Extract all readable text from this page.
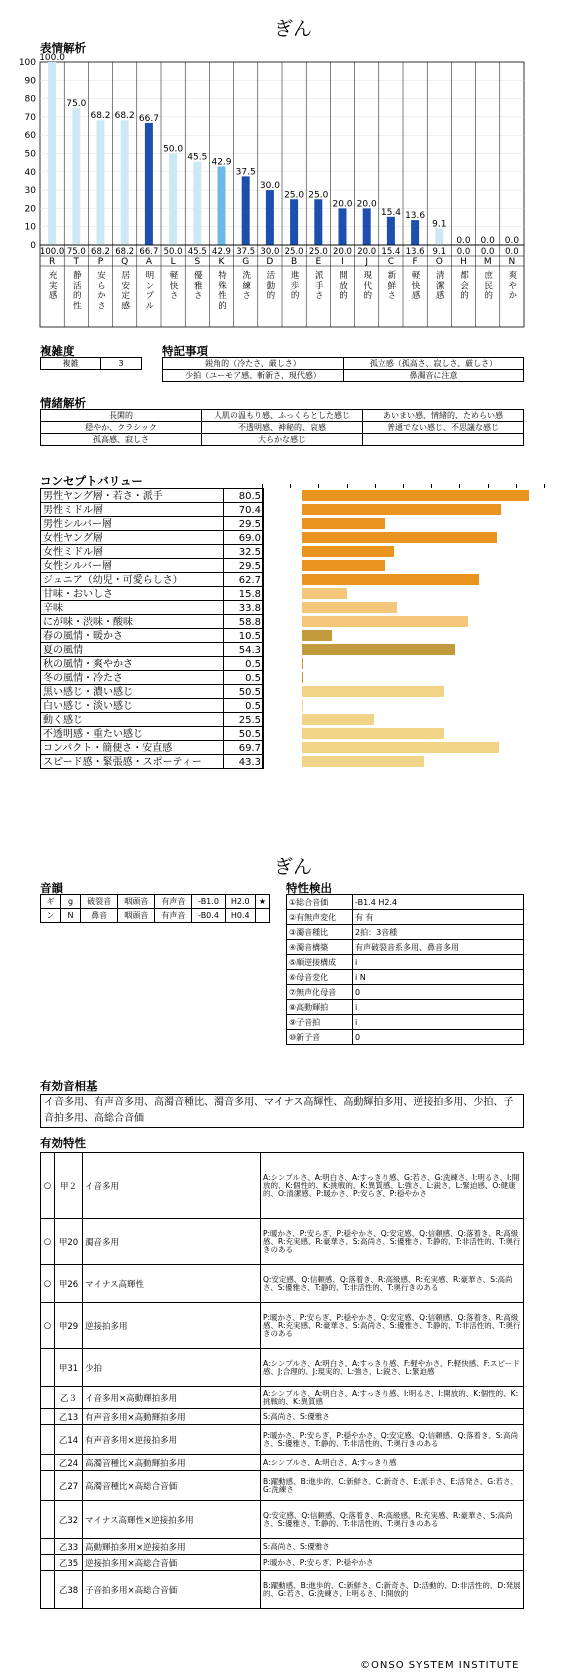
ぎん
表情解析
0
10
20
30
40
50
60
70
80
90
100 100.0
100.0
R
充実感
75.0
75.0
T
静活的性
68.2
68.2
P
安らかさ
68.2
68.2
Q
居安定感
66.7
66.7
A
明ンプル
50.0
50.0
L
軽快さ
45.5
45.5
S
優雅さ
42.9
42.9
K
特殊性的
37.5
37.5
G
洗練さ
30.0
30.0
D
活動的
25.0
25.0
B
進歩的
25.0
25.0
E
派手さ
20.0
20.0
I
開放的
20.0
20.0
J
現代的
15.4
15.4
C
新鮮さ
13.6
13.6
F
軽快感
9.1
9.1
O
清潔感
0.0
0.0
H
都会的
0.0
0.0
M
庶民的
0.0
0.0
N
爽やか
複雑度
複雑	3
特記事項
鋭角的（冷たさ、厳しさ）	孤立感（孤高さ、寂しさ、厳しさ）
少拍（ユーモア感、斬新さ、現代感）	鼻濁音に注意
情緒解析
長閑的	人肌の温もり感、ふっくらとした感じ	あいまい感、情緒的、ためらい感
穏やか、クラシック	不透明感、神秘的、哀感	普通でない感じ、不思議な感じ
孤高感、寂しさ	大らかな感じ	
コンセプトバリュー
男性ヤング層・若さ・派手	80.5
男性ミドル層	70.4
男性シルバー層	29.5
女性ヤング層	69.0
女性ミドル層	32.5
女性シルバー層	29.5
ジュニア（幼児・可愛らしさ）	62.7
甘味・おいしさ	15.8
辛味	33.8
にが味・渋味・酸味	58.8
春の風情・暖かさ	10.5
夏の風情	54.3
秋の風情・爽やかさ	0.5
冬の風情・冷たさ	0.5
黒い感じ・濃い感じ	50.5
白い感じ・淡い感じ	0.5
動く感じ	25.5
不透明感・重たい感じ	50.5
コンパクト・簡便さ・安直感	69.7
スピード感・緊張感・スポーティー	43.3
ぎん
音韻
ギ	g	破裂音	咽頭音	有声音	-B1.0	H2.0	★
ン	N	鼻音	咽頭音	有声音	-B0.4	H0.4	
特性検出
①総合音価	-B1.4 H2.4
②有無声変化	有 有
③濁音種比	2拍：3音種
④濁音構築	有声破裂音系多用、鼻音多用
⑤順逆接構成	i
⑥母音変化	i N
⑦無声化母音	0
⑧高動輝拍	i
⑨子音拍	i
⑩新子音	0
有効音相基
イ音多用、有声音多用、高濁音種比、濁音多用、マイナス高輝性、高動輝拍多用、逆接拍多用、少拍、子音拍多用、高総合音価
有効特性
○	甲２	イ音多用	A:シンプルさ、A:明白さ、A:すっきり感、G:若さ、G:洗練さ、I:明るさ、I:開放的、K:個性的、K:挑戦的、K:異質感、L:強さ、L:鋭さ、L:緊迫感、O:健康的、O:清潔感、P:暖かさ、P:安らぎ、P:穏やかさ
○	甲20	濁音多用	P:暖かさ、P:安らぎ、P:穏やかさ、Q:安定感、Q:信頼感、Q:落着き、R:高級感、R:充実感、R:豪華さ、S:高尚さ、S:優雅さ、T:静的、T:非活性的、T:奥行きのある
○	甲26	マイナス高輝性	Q:安定感、Q:信頼感、Q:落着き、R:高級感、R:充実感、R:豪華さ、S:高尚さ、S:優雅さ、T:静的、T:非活性的、T:奥行きのある
○	甲29	逆接拍多用	P:暖かさ、P:安らぎ、P:穏やかさ、Q:安定感、Q:信頼感、Q:落着き、R:高級感、R:充実感、R:豪華さ、S:高尚さ、S:優雅さ、T:静的、T:非活性的、T:奥行きのある
	甲31	少拍	A:シンプルさ、A:明白さ、A:すっきり感、F:軽やかさ、F:軽快感、F:スピード感、J:合理的、J:現実的、L:強さ、L:鋭さ、L:緊迫感
	乙３	イ音多用×高動輝拍多用	A:シンプルさ、A:明白さ、A:すっきり感、I:明るさ、I:開放的、K:個性的、K:挑戦的、K:異質感
	乙13	有声音多用×高動輝拍多用	S:高尚さ、S:優雅さ
	乙14	有声音多用×逆接拍多用	P:暖かさ、P:安らぎ、P:穏やかさ、Q:安定感、Q:信頼感、Q:落着き、S:高尚さ、S:優雅さ、T:静的、T:非活性的、T:奥行きのある
	乙24	高濁音種比×高動輝拍多用	A:シンプルさ、A:明白さ、A:すっきり感
	乙27	高濁音種比×高総合音価	B:躍動感、B:進歩的、C:新鮮さ、C:新奇さ、E:派手さ、E:活発さ、G:若さ、G:洗練さ
	乙32	マイナス高輝性×逆接拍多用	Q:安定感、Q:信頼感、Q:落着き、R:高級感、R:充実感、R:豪華さ、S:高尚さ、S:優雅さ、T:静的、T:非活性的、T:奥行きのある
	乙33	高動輝拍多用×逆接拍多用	S:高尚さ、S:優雅さ
	乙35	逆接拍多用×高総合音価	P:暖かさ、P:安らぎ、P:穏やかさ
	乙38	子音拍多用×高総合音価	B:躍動感、B:進歩的、C:新鮮さ、C:新奇さ、D:活動的、D:非活性的、D:発展的、G:若さ、G:洗練さ、I:明るさ、I:開放的
©ONSO SYSTEM INSTITUTE
